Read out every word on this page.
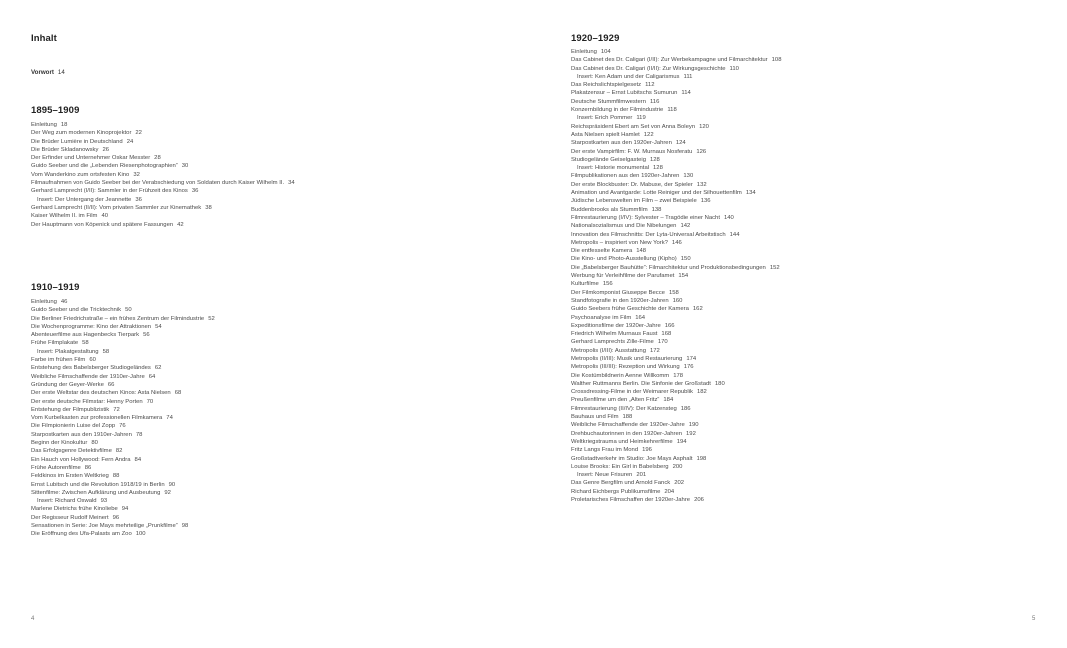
Inhalt
Vorwort 14
1895–1909
Einleitung 18
Der Weg zum modernen Kinoprojektor 22
Die Brüder Lumière in Deutschland 24
Die Brüder Skladanowsky 26
Der Erfinder und Unternehmer Oskar Messter 28
Guido Seeber und die „Lebenden Riesenphotographien“ 30
Vom Wanderkino zum ortsfesten Kino 32
Filmaufnahmen von Guido Seeber bei der Verabschiedung von Soldaten durch Kaiser Wilhelm II. 34
Gerhard Lamprecht (I/II): Sammler in der Frühzeit des Kinos 36
Insert: Der Untergang der Jeannette 36
Gerhard Lamprecht (II/II): Vom privaten Sammler zur Kinemathek 38
Kaiser Wilhelm II. im Film 40
Der Hauptmann von Köpenick und spätere Fassungen 42
1910–1919
Einleitung 46
Guido Seeber und die Tricktechnik 50
Die Berliner Friedrichstraße – ein frühes Zentrum der Filmindustrie 52
Die Wochenprogramme: Kino der Attraktionen 54
Abenteuerfilme aus Hagenbecks Tierpark 56
Frühe Filmplakate 58
Insert: Plakatgestaltung 58
Farbe im frühen Film 60
Entstehung des Babelsberger Studiogeländes 62
Weibliche Filmschaffende der 1910er-Jahre 64
Gründung der Geyer-Werke 66
Der erste Weltstar des deutschen Kinos: Asta Nielsen 68
Der erste deutsche Filmstar: Henny Porten 70
Entstehung der Filmpublizistik 72
Vom Kurbelkasten zur professionellen Filmkamera 74
Die Filmpionierin Luise del Zopp 76
Starpostkarten aus den 1910er-Jahren 78
Beginn der Kinokultur 80
Das Erfolgsgenre Detektivfilme 82
Ein Hauch von Hollywood: Fern Andra 84
Frühe Autorenfilme 86
Feldkinos im Ersten Weltkrieg 88
Ernst Lubitsch und die Revolution 1918/19 in Berlin 90
Sittenfilme: Zwischen Aufklärung und Ausbeutung 92
Insert: Richard Oswald 93
Marlene Dietrichs frühe Kinoliebe 94
Der Regisseur Rudolf Meinert 96
Sensationen in Serie: Joe Mays mehrteilige „Prunkfilme“ 98
Die Eröffnung des Ufa-Palasts am Zoo 100
4
1920–1929
Einleitung 104
Das Cabinet des Dr. Caligari (I/II): Zur Werbekampagne und Filmarchitektur 108
Das Cabinet des Dr. Caligari (II/II): Zur Wirkungsgeschichte 110
Insert: Ken Adam und der Caligarismus 111
Das Reichslichtspielgesetz 112
Plakatzensur – Ernst Lubitschs Sumurun 114
Deutsche Stummfilmwestern 116
Konzernbildung in der Filmindustrie 118
Insert: Erich Pommer 119
Reichspräsident Ebert am Set von Anna Boleyn 120
Asta Nielsen spielt Hamlet 122
Starpostkarten aus den 1920er-Jahren 124
Der erste Vampirfilm: F. W. Murnaus Nosferatu 126
Studiogelände Geiselgasteig 128
Insert: Historie monumental 128
Filmpublikationen aus den 1920er-Jahren 130
Der erste Blockbuster: Dr. Mabuse, der Spieler 132
Animation und Avantgarde: Lotte Reiniger und der Silhouettenfilm 134
Jüdische Lebenswelten im Film – zwei Beispiele 136
Buddenbrooks als Stummfilm 138
Filmrestaurierung (I/IV): Sylvester – Tragödie einer Nacht 140
Nationalsozialismus und Die Nibelungen 142
Innovation des Filmschnitts: Der Lyta-Universal Arbeitstisch 144
Metropolis – inspiriert von New York? 146
Die entfesselte Kamera 148
Die Kino- und Photo-Ausstellung (Kipho) 150
Die „Babelsberger Bauhütte“: Filmarchitektur und Produktionsbedingungen 152
Werbung für Verleihfilme der Parufamet 154
Kulturfilme 156
Der Filmkomponist Giuseppe Becce 158
Standfotografie in den 1920er-Jahren 160
Guido Seebers frühe Geschichte der Kamera 162
Psychoanalyse im Film 164
Expeditionsfilme der 1920er-Jahre 166
Friedrich Wilhelm Murnaus Faust 168
Gerhard Lamprechts Zille-Filme 170
Metropolis (I/III): Ausstattung 172
Metropolis (II/III): Musik und Restaurierung 174
Metropolis (III/III): Rezeption und Wirkung 176
Die Kostümbildnerin Aenne Willkomm 178
Walther Ruttmanns Berlin. Die Sinfonie der Großstadt 180
Crossdressing-Filme in der Weimarer Republik 182
Preußenfilme um den „Alten Fritz“ 184
Filmrestaurierung (II/IV): Der Katzensteg 186
Bauhaus und Film 188
Weibliche Filmschaffende der 1920er-Jahre 190
Drehbuchautorinnen in den 1920er-Jahren 192
Weltkriegstrauma und Heimkehrerfilme 194
Fritz Langs Frau im Mond 196
Großstadtverkehr im Studio: Joe Mays Asphalt 198
Louise Brooks: Ein Girl in Babelsberg 200
Insert: Neue Frisuren 201
Das Genre Bergfilm und Arnold Fanck 202
Richard Eichbergs Publikumsfilme 204
Proletarisches Filmschaffen der 1920er-Jahre 206
5
